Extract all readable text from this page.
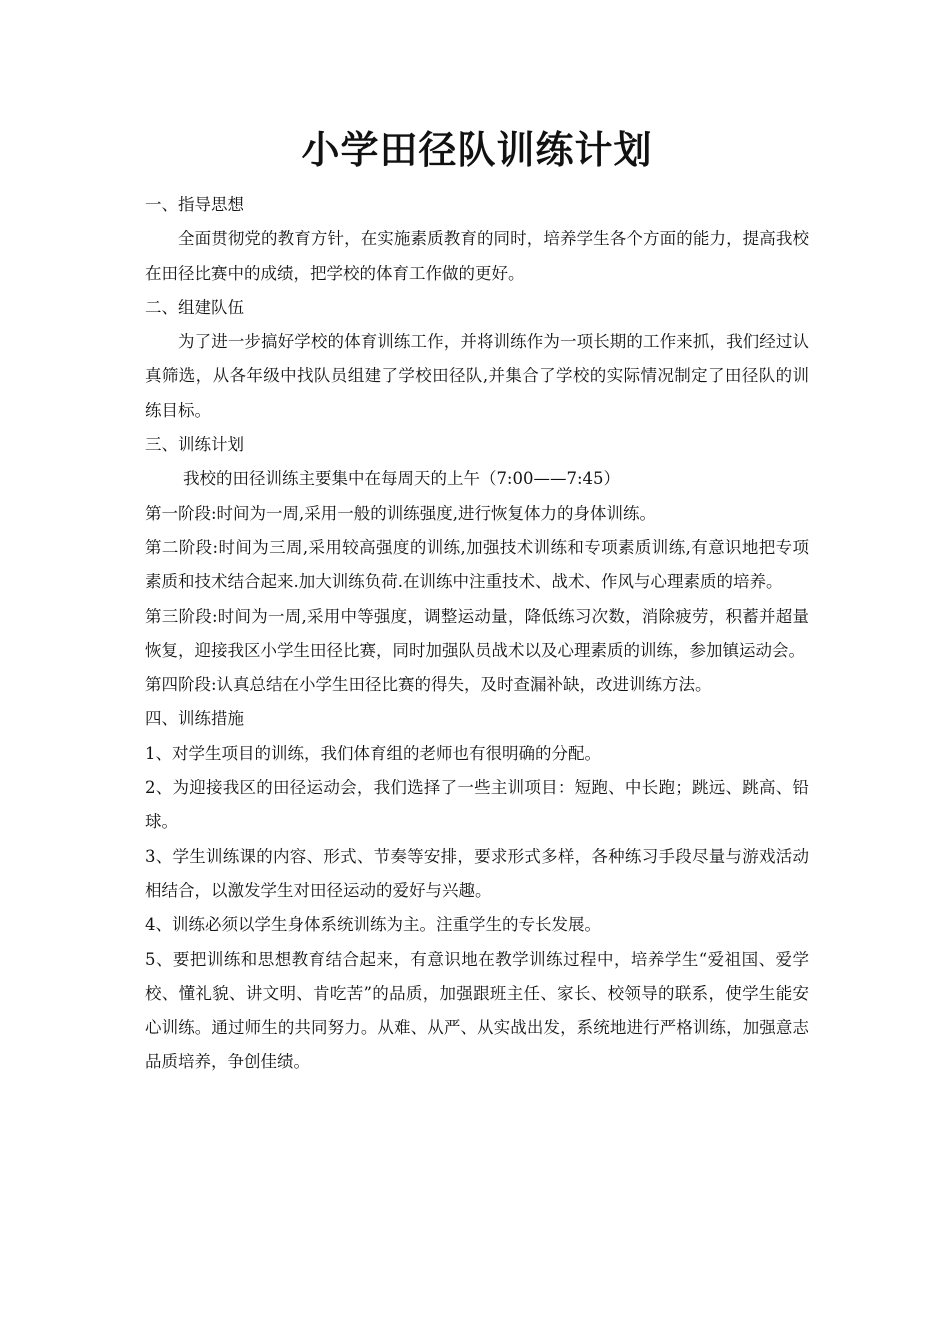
小学田径队训练计划
一、指导思想

全面贯彻党的教育方针，在实施素质教育的同时，培养学生各个方面的能力，提高我校在田径比赛中的成绩，把学校的体育工作做的更好。

二、组建队伍

为了进一步搞好学校的体育训练工作，并将训练作为一项长期的工作来抓，我们经过认真筛选，从各年级中找队员组建了学校田径队,并集合了学校的实际情况制定了田径队的训练目标。

三、训练计划

我校的田径训练主要集中在每周天的上午（7:00——7:45）

第一阶段:时间为一周,采用一般的训练强度,进行恢复体力的身体训练。

第二阶段:时间为三周,采用较高强度的训练,加强技术训练和专项素质训练,有意识地把专项素质和技术结合起来.加大训练负荷.在训练中注重技术、战术、作风与心理素质的培养。

第三阶段:时间为一周,采用中等强度，调整运动量，降低练习次数，消除疲劳，积蓄并超量恢复，迎接我区小学生田径比赛，同时加强队员战术以及心理素质的训练，参加镇运动会。

第四阶段:认真总结在小学生田径比赛的得失，及时查漏补缺，改进训练方法。

四、训练措施

1、对学生项目的训练，我们体育组的老师也有很明确的分配。

2、为迎接我区的田径运动会，我们选择了一些主训项目：短跑、中长跑；跳远、跳高、铅球。

3、学生训练课的内容、形式、节奏等安排，要求形式多样，各种练习手段尽量与游戏活动相结合，以激发学生对田径运动的爱好与兴趣。

4、训练必须以学生身体系统训练为主。注重学生的专长发展。

5、要把训练和思想教育结合起来，有意识地在教学训练过程中，培养学生“爱祖国、爱学校、懂礼貌、讲文明、肯吃苦”的品质，加强跟班主任、家长、校领导的联系，使学生能安心训练。通过师生的共同努力。从难、从严、从实战出发，系统地进行严格训练，加强意志品质培养，争创佳绩。
